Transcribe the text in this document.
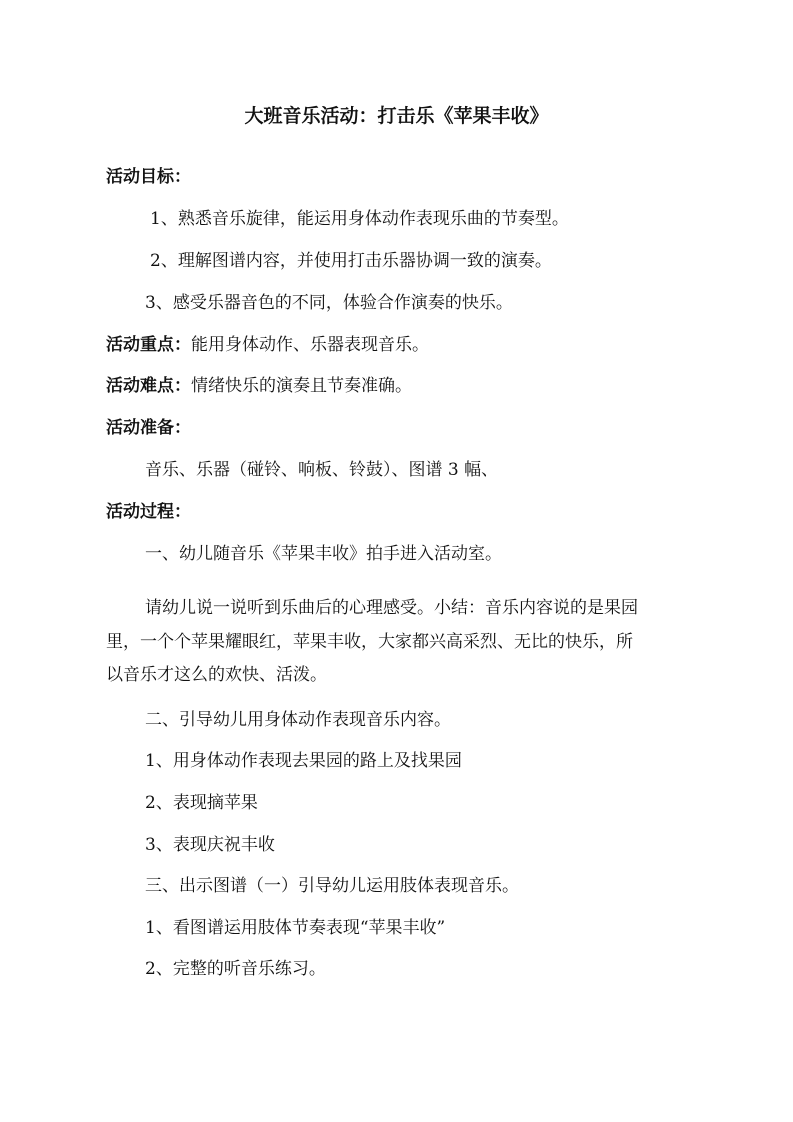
大班音乐活动：打击乐《苹果丰收》
活动目标：
1、熟悉音乐旋律，能运用身体动作表现乐曲的节奏型。
2、理解图谱内容，并使用打击乐器协调一致的演奏。
3、感受乐器音色的不同，体验合作演奏的快乐。
活动重点：能用身体动作、乐器表现音乐。
活动难点：情绪快乐的演奏且节奏准确。
活动准备：
音乐、乐器（碰铃、响板、铃鼓）、图谱 3 幅、
活动过程：
一、幼儿随音乐《苹果丰收》拍手进入活动室。
请幼儿说一说听到乐曲后的心理感受。小结：音乐内容说的是果园
里，一个个苹果耀眼红，苹果丰收，大家都兴高采烈、无比的快乐，所
以音乐才这么的欢快、活泼。
二、引导幼儿用身体动作表现音乐内容。
1、用身体动作表现去果园的路上及找果园
2、表现摘苹果
3、表现庆祝丰收
三、出示图谱（一）引导幼儿运用肢体表现音乐。
1、看图谱运用肢体节奏表现“苹果丰收”
2、完整的听音乐练习。
